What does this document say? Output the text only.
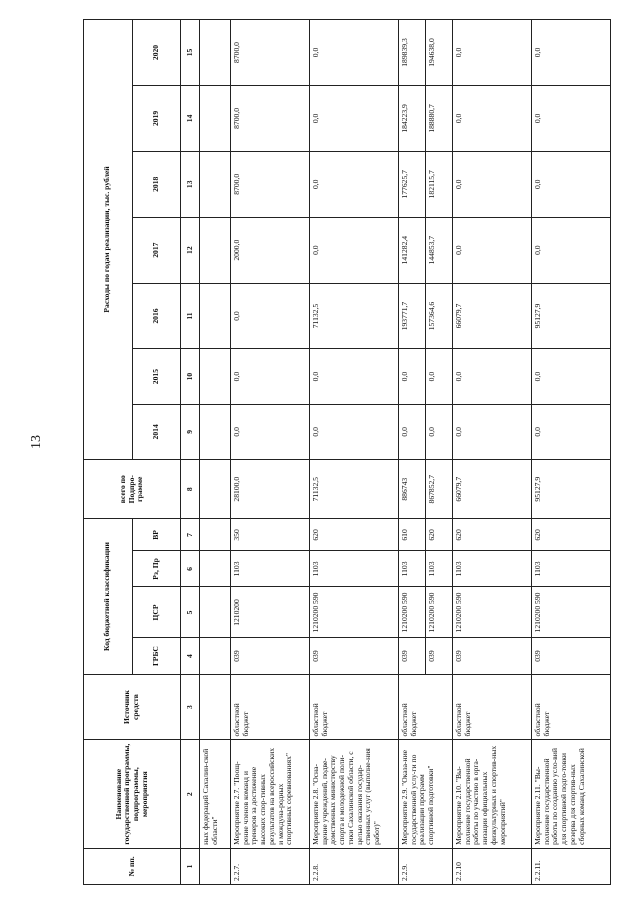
13
№ пп.	Наименование государственной программы, подпрограммы, мероприятия	Источник средств	Код бюджетной классификации				всего по Подпро-грамме	Расходы по годам реализации, тыс. рублей						
			ГРБС	ЦСР	Рз, Пр	ВР		2014	2015	2016	2017	2018	2019	2020
1	2	3	4	5	6	7	8	9	10	11	12	13	14	15
	ных федераций Сахалин-ской области"													
2.2.7.	Мероприятие 2.7. "Поощ-рение членов команд и тренеров за достижение высоких спор-тивных результатов на всероссийских и междуна-родных спортивных соревнованиях"	областной бюджет	039	1210200	1103	350	28100,0	0,0	0,0	0,0	2000,0	8700,0	8700,0	8700,0
2.2.8.	Мероприятие 2.8. "Осна-щение учреждений, подве-домственных министерству спорта и молодежной поли-тики Сахалинской области, с целью оказания государ-ственных услуг (выполне-ния работ)"	областной бюджет	039	1210200 590	1103	620	71132,5	0,0	0,0	71132,5	0,0	0,0	0,0	0,0
2.2.9.	Мероприятие 2.9. "Оказа-ние государственной услу-ги по реализации программ спортивной подготовки"	областной бюджет	039	1210200 590	1103	610	886743	0,0	0,0	193771,7	141282,4	177625,7	184223,9	189839,3
			039	1210200 590	1103	620	867852,7	0,0	0,0	157364,6	144853,7	182115,7	188880,7	194638,0
2.2.10	Мероприятие 2.10. "Вы-полнение государственной работы по участию в орга-низации официальных физкультурных и спортив-ных мероприятий"	областной бюджет	039	1210200 590	1103	620	66079,7	0,0	0,0	66079,7	0,0	0,0	0,0	0,0
2.2.11.	Мероприятие 2.11. "Вы-полнение государственной работы по созданию усло-вий для спортивной подго-товки резерва для спортив-ных сборных команд Сахалинской	областной бюджет	039	1210200 590	1103	620	95127,9	0,0	0,0	95127,9	0,0	0,0	0,0	0,0
